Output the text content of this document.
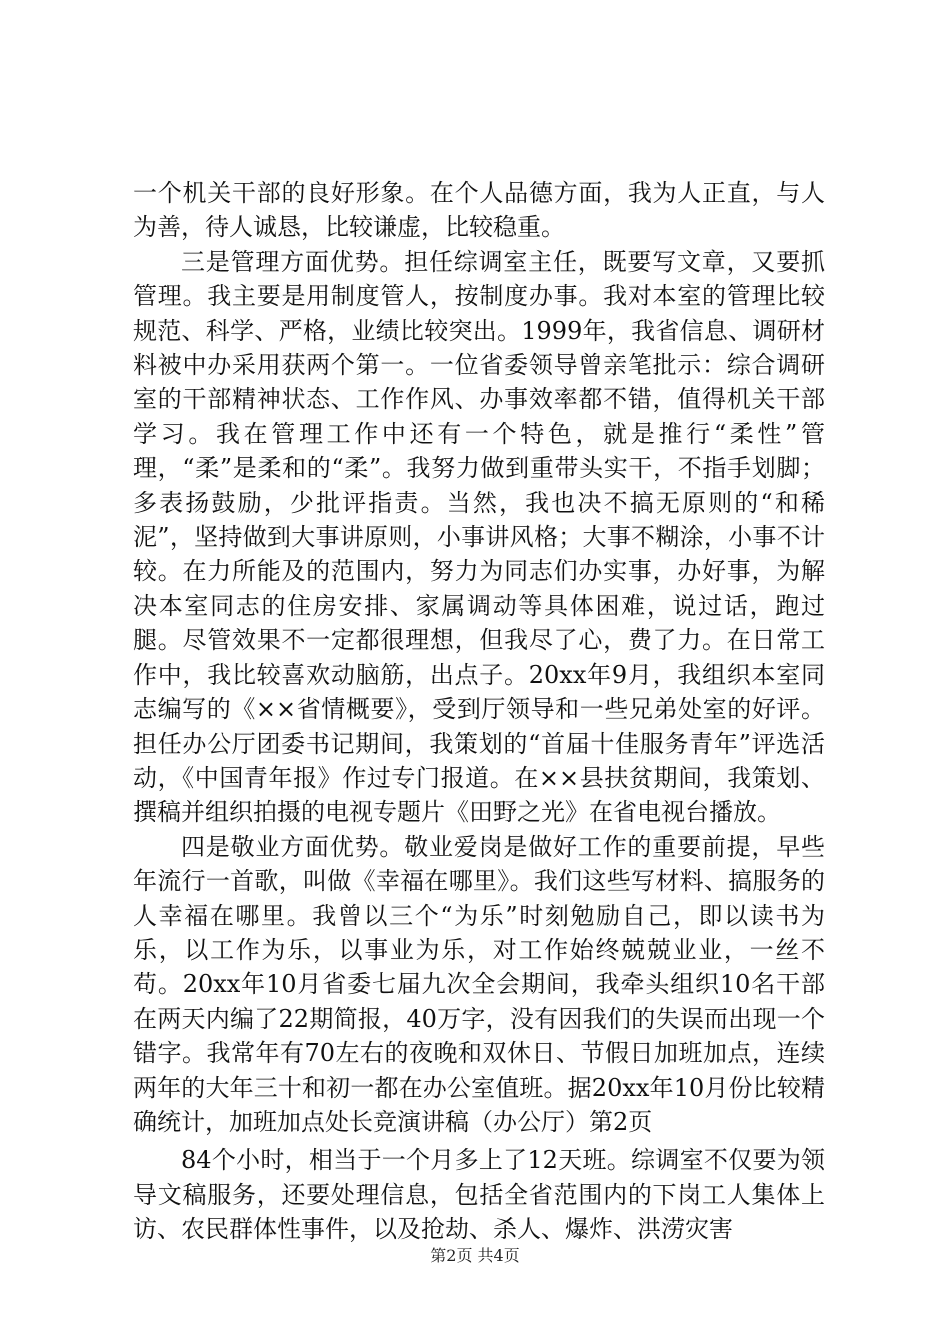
一个机关干部的良好形象。在个人品德方面，我为人正直，与人为善，待人诚恳，比较谦虚，比较稳重。

三是管理方面优势。担任综调室主任，既要写文章，又要抓管理。我主要是用制度管人，按制度办事。我对本室的管理比较规范、科学、严格，业绩比较突出。1999年，我省信息、调研材料被中办采用获两个第一。一位省委领导曾亲笔批示：综合调研室的干部精神状态、工作作风、办事效率都不错，值得机关干部学习。我在管理工作中还有一个特色，就是推行“柔性”管理，“柔”是柔和的“柔”。我努力做到重带头实干，不指手划脚；多表扬鼓励，少批评指责。当然，我也决不搞无原则的“和稀泥”，坚持做到大事讲原则，小事讲风格；大事不糊涂，小事不计较。在力所能及的范围内，努力为同志们办实事，办好事，为解决本室同志的住房安排、家属调动等具体困难，说过话，跑过腿。尽管效果不一定都很理想，但我尽了心，费了力。在日常工作中，我比较喜欢动脑筋，出点子。20xx年9月，我组织本室同志编写的《××省情概要》，受到厅领导和一些兄弟处室的好评。担任办公厅团委书记期间，我策划的“首届十佳服务青年”评选活动，《中国青年报》作过专门报道。在××县扶贫期间，我策划、撰稿并组织拍摄的电视专题片《田野之光》在省电视台播放。

四是敬业方面优势。敬业爱岗是做好工作的重要前提，早些年流行一首歌，叫做《幸福在哪里》。我们这些写材料、搞服务的人幸福在哪里。我曾以三个“为乐”时刻勉励自己，即以读书为乐，以工作为乐，以事业为乐，对工作始终兢兢业业，一丝不苟。20xx年10月省委七届九次全会期间，我牵头组织10名干部在两天内编了22期简报，40万字，没有因我们的失误而出现一个错字。我常年有70左右的夜晚和双休日、节假日加班加点，连续两年的大年三十和初一都在办公室值班。据20xx年10月份比较精确统计，加班加点处长竞演讲稿（办公厅）第2页

84个小时，相当于一个月多上了12天班。综调室不仅要为领导文稿服务，还要处理信息，包括全省范围内的下岗工人集体上访、农民群体性事件，以及抢劫、杀人、爆炸、洪涝灾害

第2页 共4页
